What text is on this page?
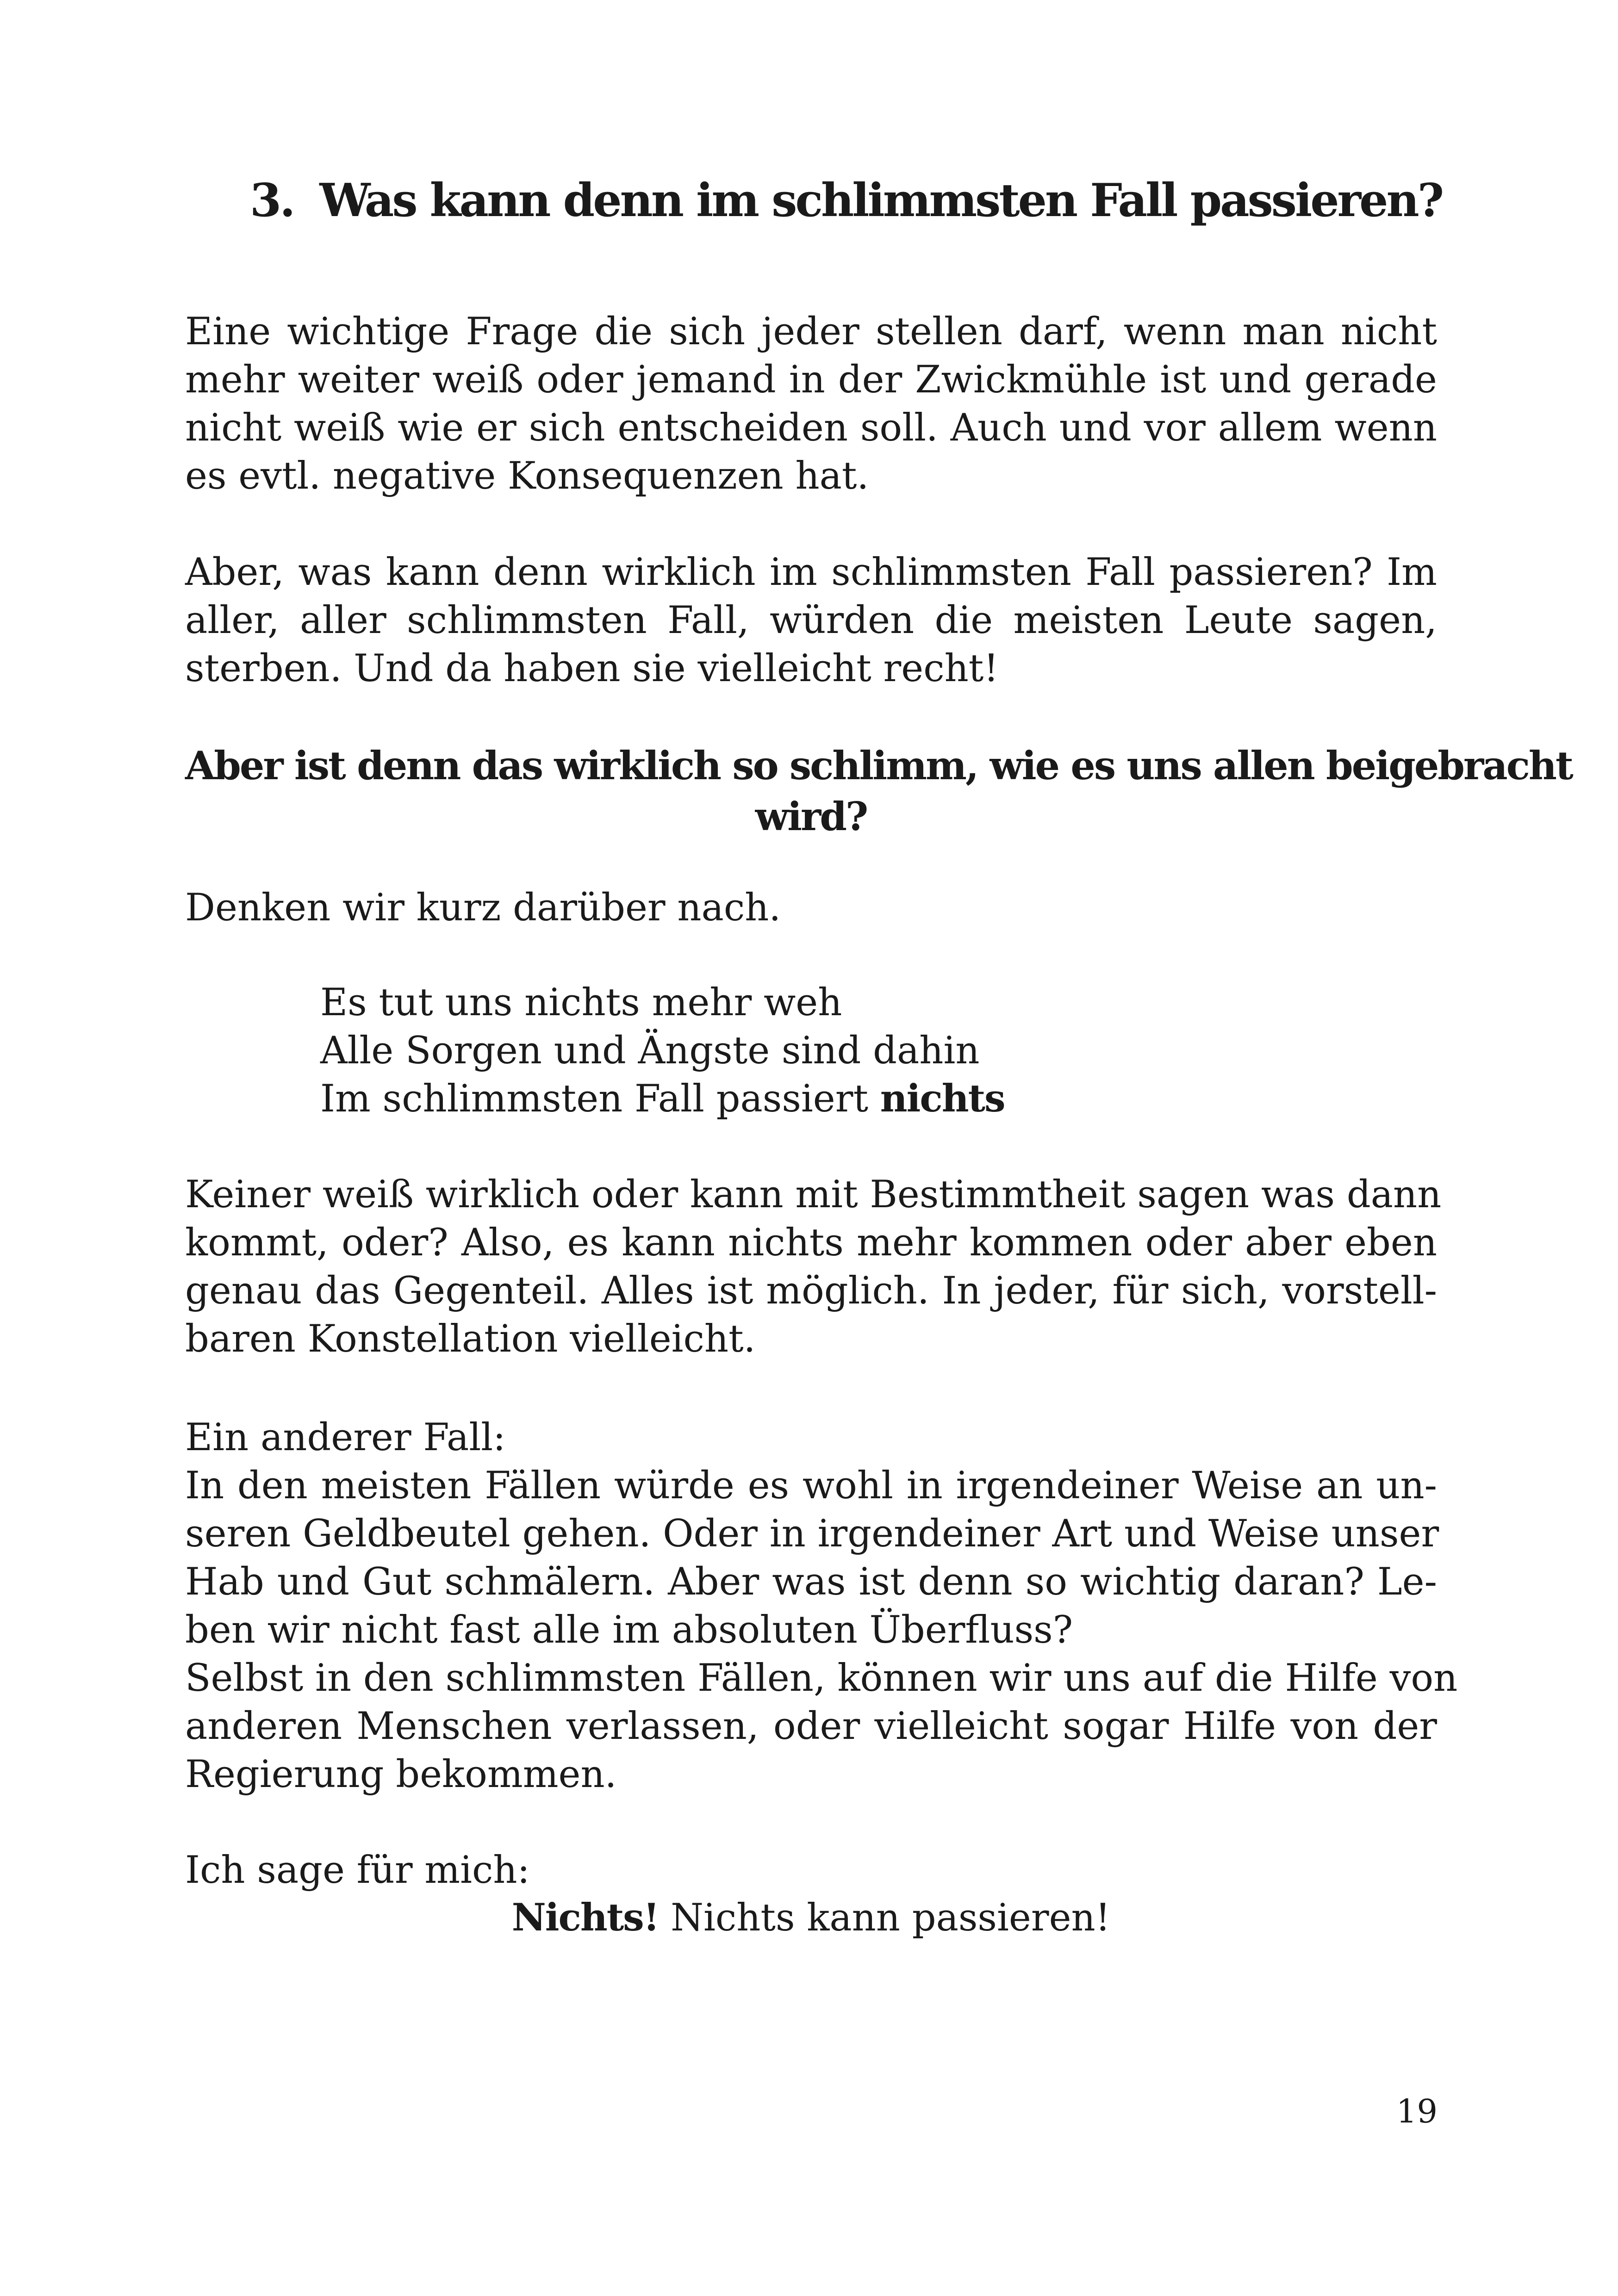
3. Was kann denn im schlimmsten Fall passieren?
Eine wichtige Frage die sich jeder stellen darf, wenn man nicht
mehr weiter weiß oder jemand in der Zwickmühle ist und gerade
nicht weiß wie er sich entscheiden soll. Auch und vor allem wenn
es evtl. negative Konsequenzen hat.
Aber, was kann denn wirklich im schlimmsten Fall passieren? Im
aller, aller schlimmsten Fall, würden die meisten Leute sagen,
sterben. Und da haben sie vielleicht recht!
Aber ist denn das wirklich so schlimm, wie es uns allen beigebracht
wird?
Denken wir kurz darüber nach.
Es tut uns nichts mehr weh
Alle Sorgen und Ängste sind dahin
Im schlimmsten Fall passiert nichts
Keiner weiß wirklich oder kann mit Bestimmtheit sagen was dann
kommt, oder? Also, es kann nichts mehr kommen oder aber eben
genau das Gegenteil. Alles ist möglich. In jeder, für sich, vorstell-
baren Konstellation vielleicht.
Ein anderer Fall:
In den meisten Fällen würde es wohl in irgendeiner Weise an un-
seren Geldbeutel gehen. Oder in irgendeiner Art und Weise unser
Hab und Gut schmälern. Aber was ist denn so wichtig daran? Le-
ben wir nicht fast alle im absoluten Überfluss?
Selbst in den schlimmsten Fällen, können wir uns auf die Hilfe von
anderen Menschen verlassen, oder vielleicht sogar Hilfe von der
Regierung bekommen.
Ich sage für mich:

Nichts! Nichts kann passieren!

19
